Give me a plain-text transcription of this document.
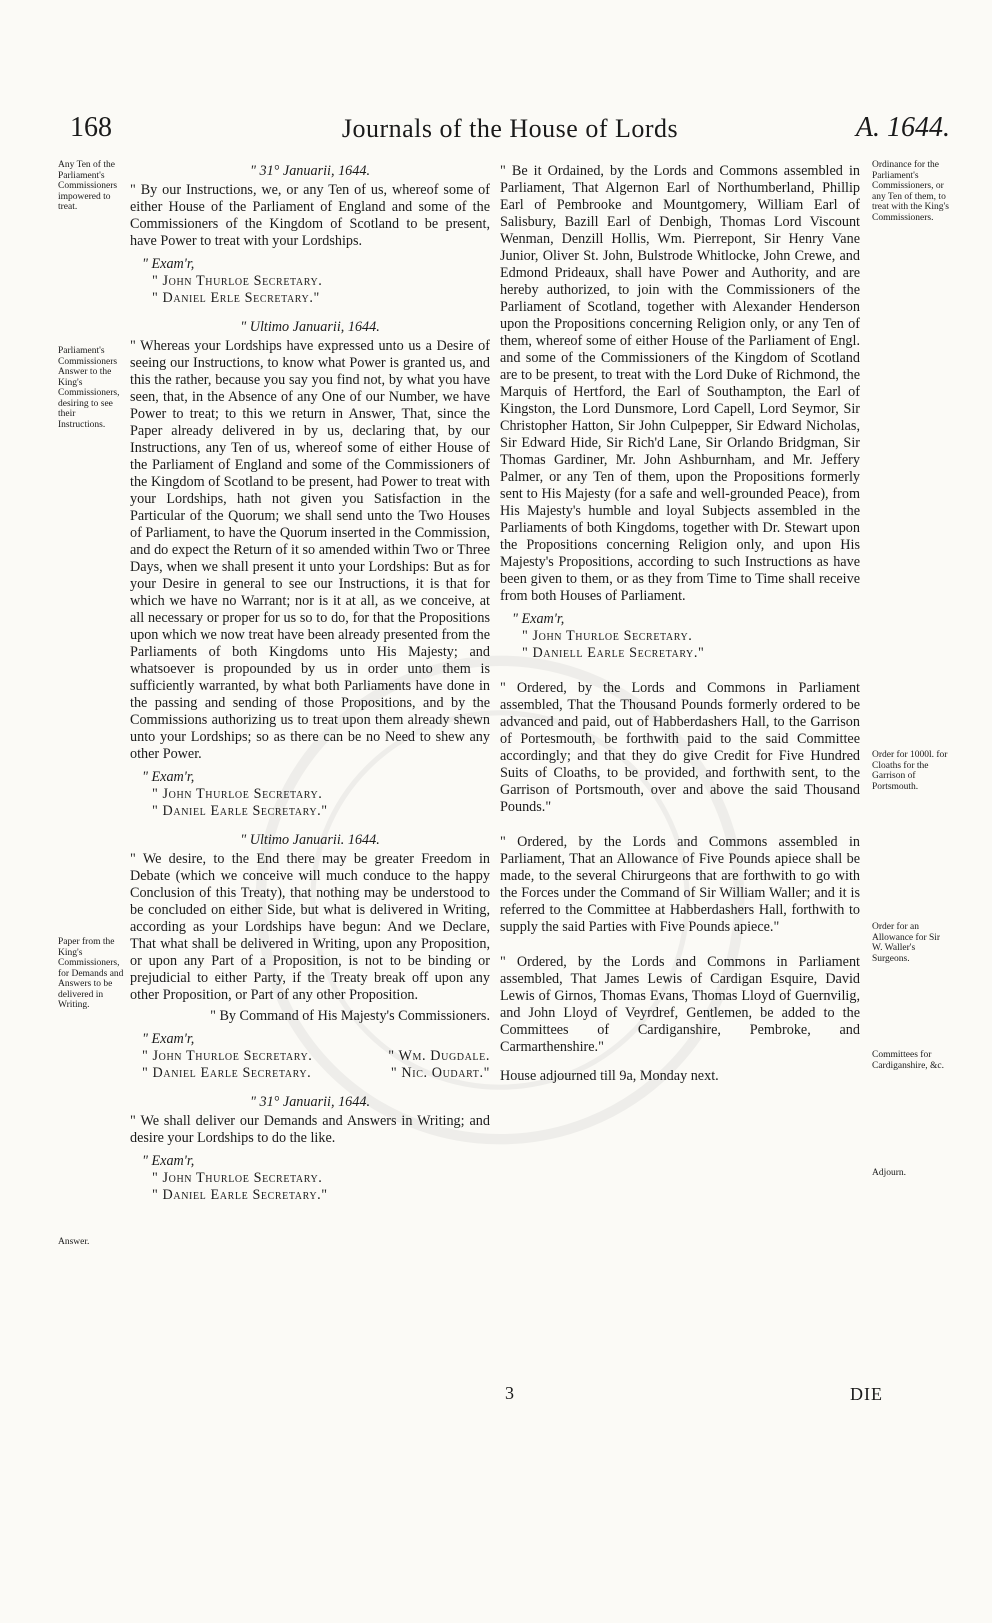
168	Journals of the House of Lords	A. 1644.
Any Ten of the Parliament's Commissioners impowered to treat.
Parliament's Commissioners Answer to the King's Commissioners, desiring to see their Instructions.
Paper from the King's Commissioners, for Demands and Answers to be delivered in Writing.
Answer.
Ordinance for the Parliament's Commissioners, or any Ten of them, to treat with the King's Commissioners.
Order for 1000l. for Cloaths for the Garrison of Portsmouth.
Order for an Allowance for Sir W. Waller's Surgeons.
Committees for Cardiganshire, &c.
Adjourn.
" 31° Januarii, 1644.

" By our Instructions, we, or any Ten of us, whereof some of either House of the Parliament of England and some of the Commissioners of the Kingdom of Scotland to be present, have Power to treat with your Lordships.

" Exam'r,
" John Thurloe Secretary.
" Daniel Erle Secretary."
" Ultimo Januarii, 1644.

" Whereas your Lordships have expressed unto us a Desire of seeing our Instructions, to know what Power is granted us, and this the rather, because you say you find not, by what you have seen, that, in the Absence of any One of our Number, we have Power to treat; to this we return in Answer, That, since the Paper already delivered in by us, declaring that, by our Instructions, any Ten of us, whereof some of either House of the Parliament of England and some of the Commissioners of the Kingdom of Scotland to be present, had Power to treat with your Lordships, hath not given you Satisfaction in the Particular of the Quorum; we shall send unto the Two Houses of Parliament, to have the Quorum inserted in the Commission, and do expect the Return of it so amended within Two or Three Days, when we shall present it unto your Lordships: But as for your Desire in general to see our Instructions, it is that for which we have no Warrant; nor is it at all, as we conceive, at all necessary or proper for us so to do, for that the Propositions upon which we now treat have been already presented from the Parliaments of both Kingdoms unto His Majesty; and whatsoever is propounded by us in order unto them is sufficiently warranted, by what both Parliaments have done in the passing and sending of those Propositions, and by the Commissions authorizing us to treat upon them already shewn unto your Lordships; so as there can be no Need to shew any other Power.

" Exam'r,
" John Thurloe Secretary.
" Daniel Earle Secretary."
" Ultimo Januarii. 1644.

" We desire, to the End there may be greater Freedom in Debate (which we conceive will much conduce to the happy Conclusion of this Treaty), that nothing may be understood to be concluded on either Side, but what is delivered in Writing, according as your Lordships have begun: And we Declare, That what shall be delivered in Writing, upon any Proposition, or upon any Part of a Proposition, is not to be binding or prejudicial to either Party, if the Treaty break off upon any other Proposition, or Part of any other Proposition.

" By Command of His Majesty's Commissioners.
" Exam'r,
" John Thurloe Secretary.	" Wm. Dugdale.
" Daniel Earle Secretary.	" Nic. Oudart."
" 31° Januarii, 1644.

" We shall deliver our Demands and Answers in Writing; and desire your Lordships to do the like.

" Exam'r,
" John Thurloe Secretary.
" Daniel Earle Secretary."

" Be it Ordained, by the Lords and Commons assembled in Parliament, That Algernon Earl of Northumberland, Phillip Earl of Pembrooke and Mountgomery, William Earl of Salisbury, Bazill Earl of Denbigh, Thomas Lord Viscount Wenman, Denzill Hollis, Wm. Pierrepont, Sir Henry Vane Junior, Oliver St. John, Bulstrode Whitlocke, John Crewe, and Edmond Prideaux, shall have Power and Authority, and are hereby authorized, to join with the Commissioners of the Parliament of Scotland, together with Alexander Henderson upon the Propositions concerning Religion only, or any Ten of them, whereof some of either House of the Parliament of Engl. and some of the Commissioners of the Kingdom of Scotland are to be present, to treat with the Lord Duke of Richmond, the Marquis of Hertford, the Earl of Southampton, the Earl of Kingston, the Lord Dunsmore, Lord Capell, Lord Seymor, Sir Christopher Hatton, Sir John Culpepper, Sir Edward Nicholas, Sir Edward Hide, Sir Rich'd Lane, Sir Orlando Bridgman, Sir Thomas Gardiner, Mr. John Ashburnham, and Mr. Jeffery Palmer, or any Ten of them, upon the Propositions formerly sent to His Majesty (for a safe and well-grounded Peace), from His Majesty's humble and loyal Subjects assembled in the Parliaments of both Kingdoms, together with Dr. Stewart upon the Propositions concerning Religion only, and upon His Majesty's Propositions, according to such Instructions as have been given to them, or as they from Time to Time shall receive from both Houses of Parliament.

" Exam'r,
" John Thurloe Secretary.
" Daniell Earle Secretary."

" Ordered, by the Lords and Commons in Parliament assembled, That the Thousand Pounds formerly ordered to be advanced and paid, out of Habberdashers Hall, to the Garrison of Portesmouth, be forthwith paid to the said Committee accordingly; and that they do give Credit for Five Hundred Suits of Cloaths, to be provided, and forthwith sent, to the Garrison of Portsmouth, over and above the said Thousand Pounds."

" Ordered, by the Lords and Commons assembled in Parliament, That an Allowance of Five Pounds apiece shall be made, to the several Chirurgeons that are forthwith to go with the Forces under the Command of Sir William Waller; and it is referred to the Committee at Habberdashers Hall, forthwith to supply the said Parties with Five Pounds apiece."

" Ordered, by the Lords and Commons in Parliament assembled, That James Lewis of Cardigan Esquire, David Lewis of Girnos, Thomas Evans, Thomas Lloyd of Guernvilig, and John Lloyd of Veyrdref, Gentlemen, be added to the Committees of Cardiganshire, Pembroke, and Carmarthenshire."

House adjourned till 9a, Monday next.
3	DIE
